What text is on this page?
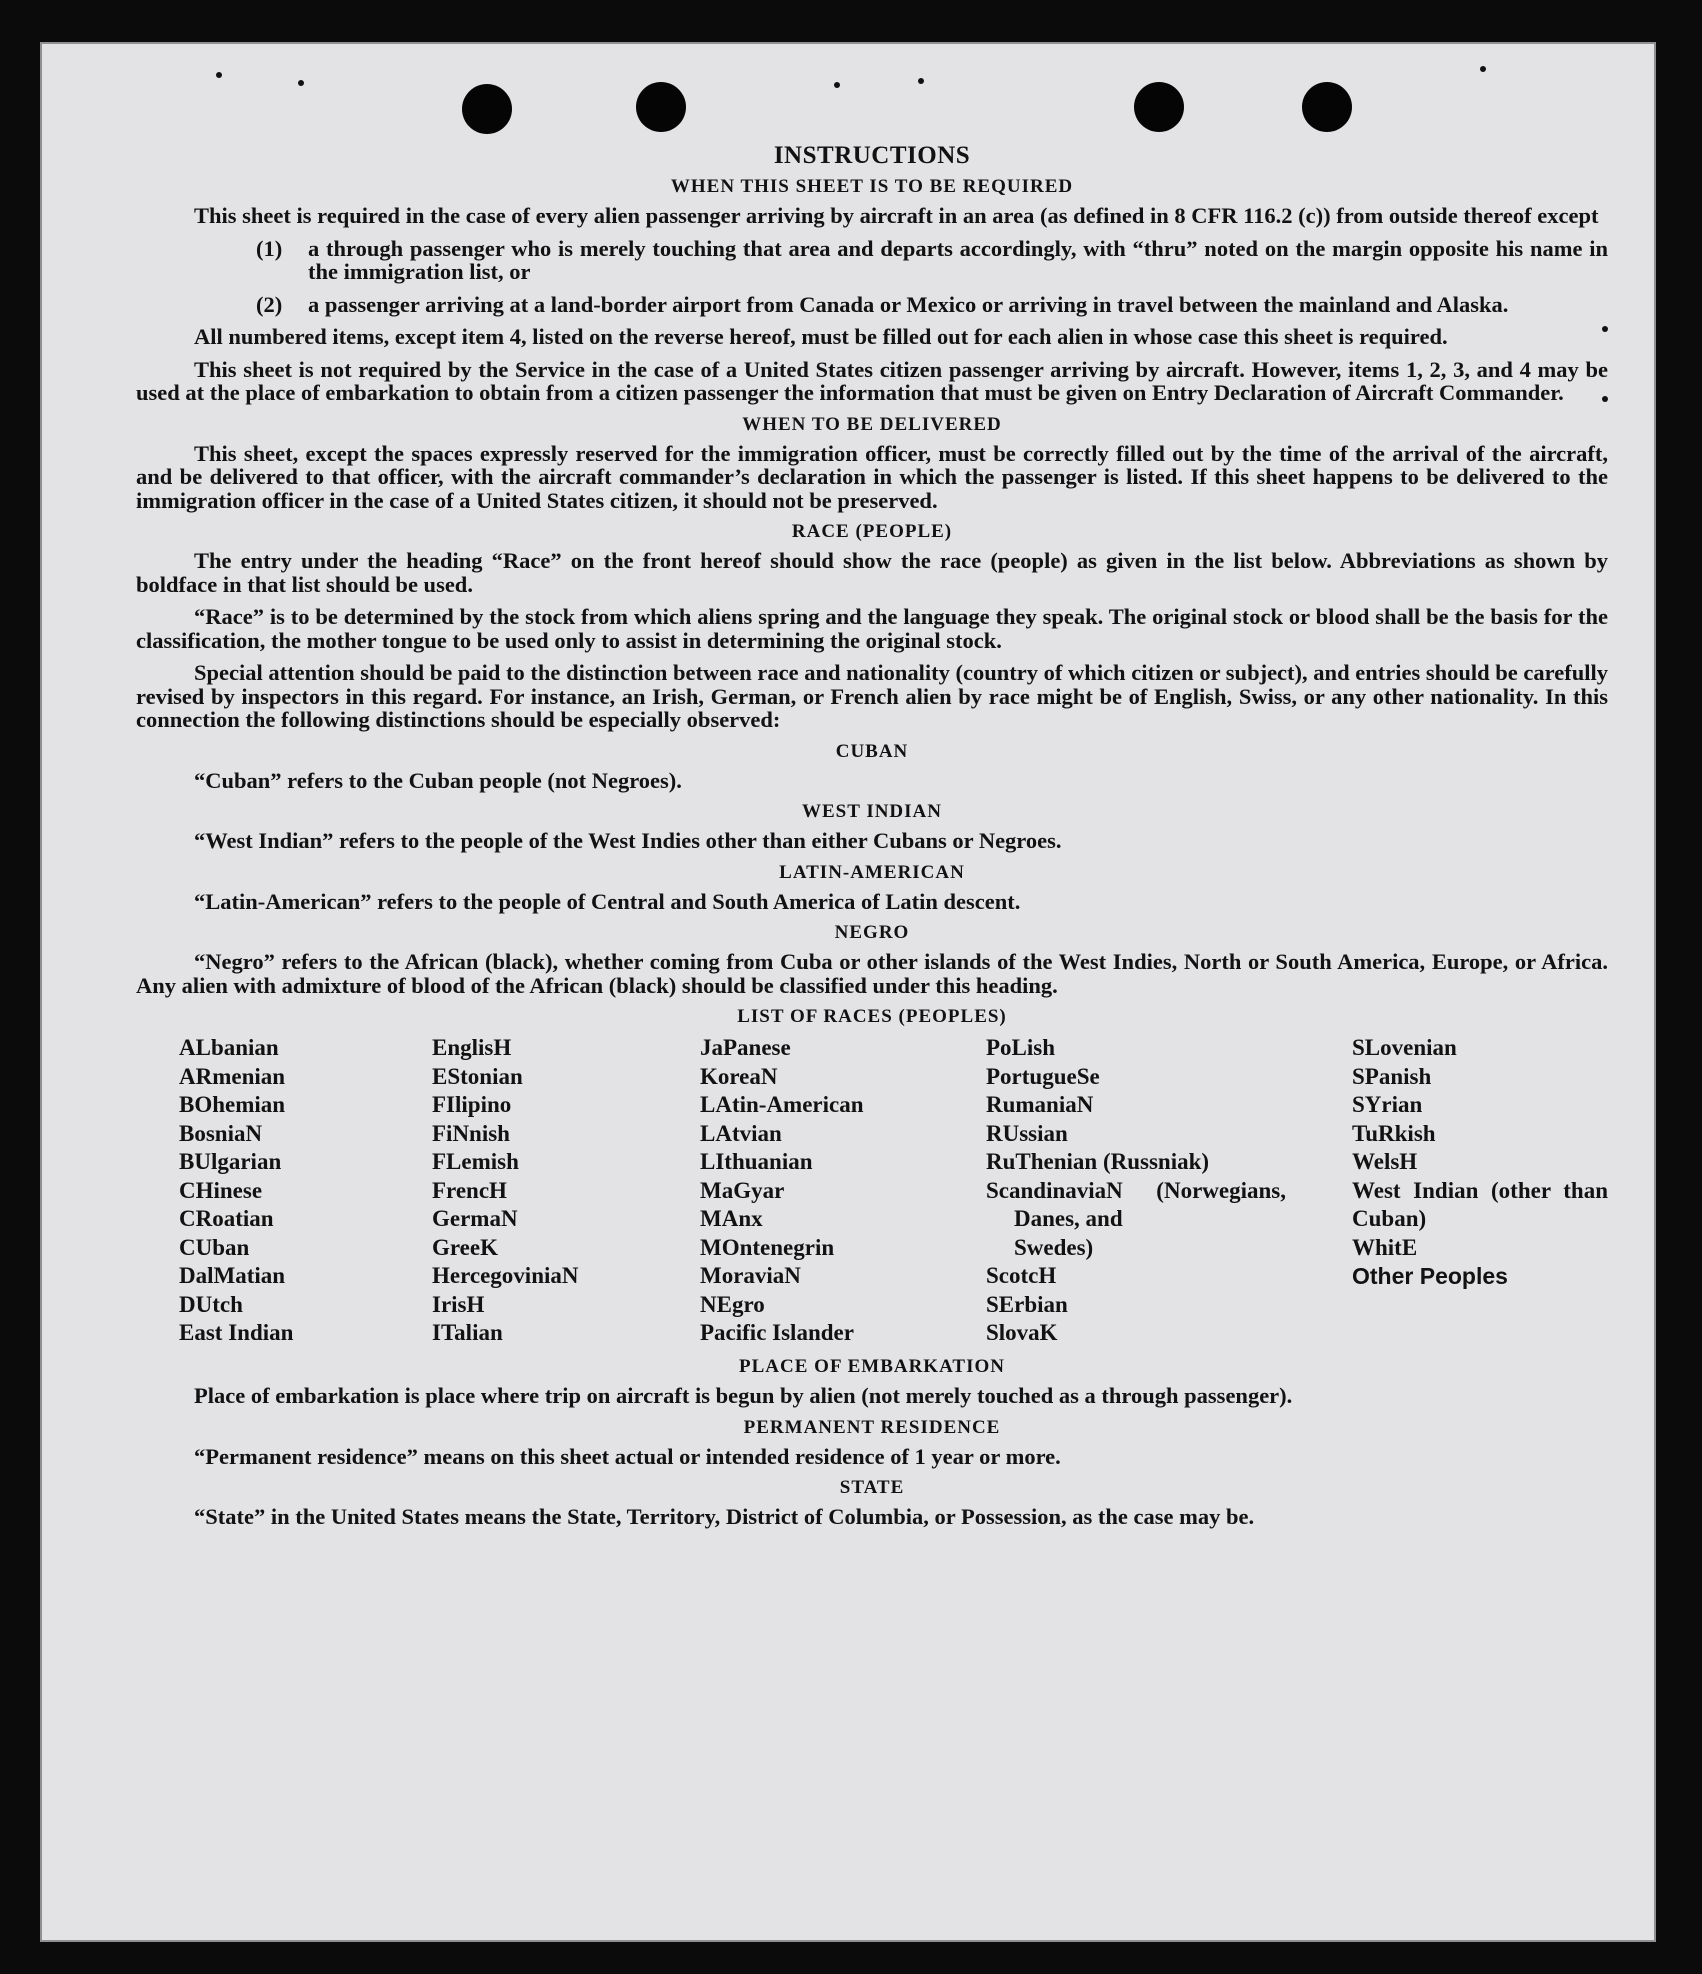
INSTRUCTIONS
WHEN THIS SHEET IS TO BE REQUIRED

This sheet is required in the case of every alien passenger arriving by aircraft in an area (as defined in 8 CFR 116.2 (c)) from outside thereof except

(1)	a through passenger who is merely touching that area and departs accordingly, with “thru” noted on the margin opposite his name in the immigration list, or
(2)	a passenger arriving at a land-border airport from Canada or Mexico or arriving in travel between the mainland and Alaska.

All numbered items, except item 4, listed on the reverse hereof, must be filled out for each alien in whose case this sheet is required.

This sheet is not required by the Service in the case of a United States citizen passenger arriving by aircraft. However, items 1, 2, 3, and 4 may be used at the place of embarkation to obtain from a citizen passenger the information that must be given on Entry Declaration of Aircraft Commander.

WHEN TO BE DELIVERED

This sheet, except the spaces expressly reserved for the immigration officer, must be correctly filled out by the time of the arrival of the aircraft, and be delivered to that officer, with the aircraft commander’s declaration in which the passenger is listed. If this sheet happens to be delivered to the immigration officer in the case of a United States citizen, it should not be preserved.

RACE (PEOPLE)

The entry under the heading “Race” on the front hereof should show the race (people) as given in the list below. Abbreviations as shown by boldface in that list should be used.

“Race” is to be determined by the stock from which aliens spring and the language they speak. The original stock or blood shall be the basis for the classification, the mother tongue to be used only to assist in determining the original stock.

Special attention should be paid to the distinction between race and nationality (country of which citizen or subject), and entries should be carefully revised by inspectors in this regard. For instance, an Irish, German, or French alien by race might be of English, Swiss, or any other nationality. In this connection the following distinctions should be especially observed:

CUBAN

“Cuban” refers to the Cuban people (not Negroes).

WEST INDIAN

“West Indian” refers to the people of the West Indies other than either Cubans or Negroes.

LATIN-AMERICAN

“Latin-American” refers to the people of Central and South America of Latin descent.

NEGRO

“Negro” refers to the African (black), whether coming from Cuba or other islands of the West Indies, North or South America, Europe, or Africa. Any alien with admixture of blood of the African (black) should be classified under this heading.

LIST OF RACES (PEOPLES)
ALbanian
ARmenian
BOhemian
BosniaN
BUlgarian
CHinese
CRoatian
CUban
DalMatian
DUtch
East Indian
EnglisH
EStonian
FIlipino
FiNnish
FLemish
FrencH
GermaN
GreeK
HercegoviniaN
IrisH
ITalian
JaPanese
KoreaN
LAtin-American
LAtvian
LIthuanian
MaGyar
MAnx
MOntenegrin
MoraviaN
NEgro
Pacific Islander
PoLish
PortugueSe
RumaniaN
RUssian
RuThenian (Russniak)
ScandinaviaN (Norwegians, Danes, and
Swedes)
ScotcH
SErbian
SlovaK
SLovenian
SPanish
SYrian
TuRkish
WelsH
West Indian (other than Cuban)
WhitE
Other Peoples
PLACE OF EMBARKATION

Place of embarkation is place where trip on aircraft is begun by alien (not merely touched as a through passenger).

PERMANENT RESIDENCE

“Permanent residence” means on this sheet actual or intended residence of 1 year or more.

STATE

“State” in the United States means the State, Territory, District of Columbia, or Possession, as the case may be.
